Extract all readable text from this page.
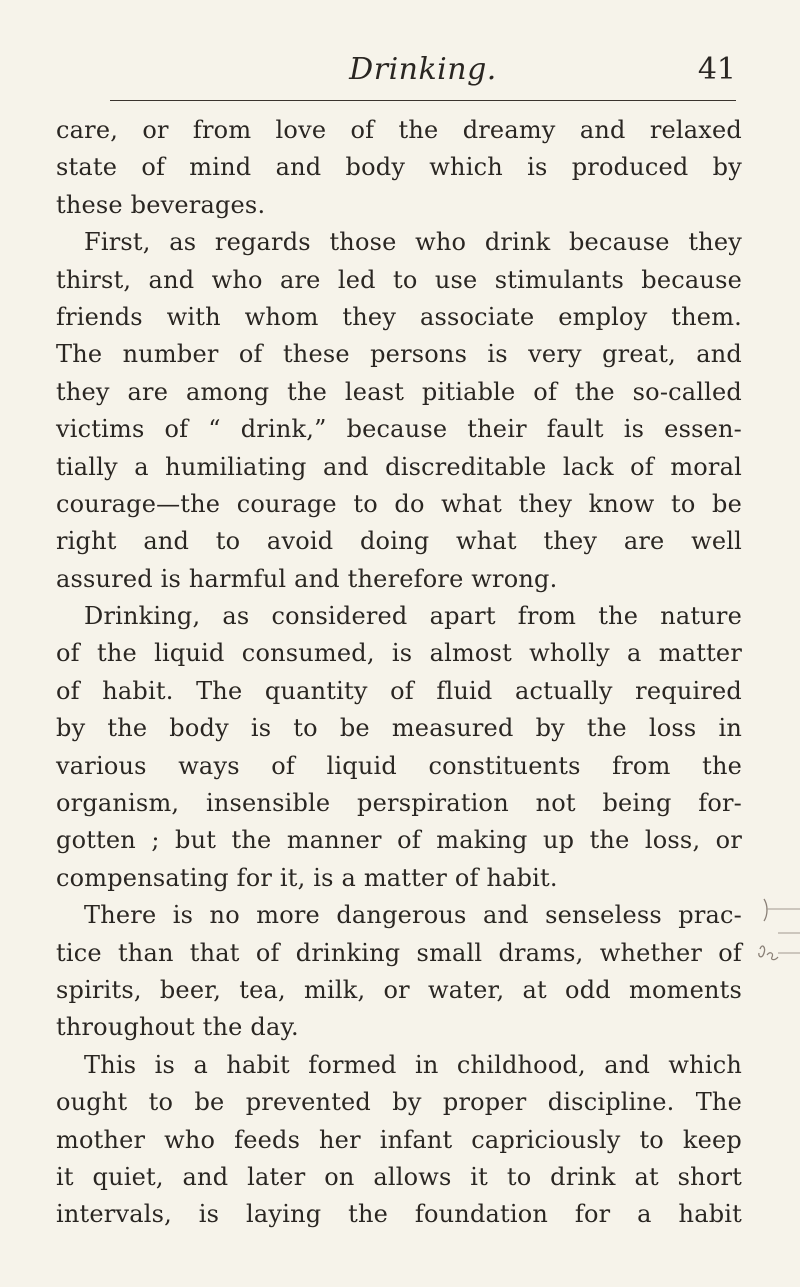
Drinking.	41
care, or from love of the dreamy and relaxed
state of mind and body which is produced by
these beverages.
First, as regards those who drink because they
thirst, and who are led to use stimulants because
friends with whom they associate employ them.
The number of these persons is very great, and
they are among the least pitiable of the so-called
victims of “ drink,” because their fault is essen-
tially a humiliating and discreditable lack of moral
courage—the courage to do what they know to be
right and to avoid doing what they are well
assured is harmful and therefore wrong.
Drinking, as considered apart from the nature
of the liquid consumed, is almost wholly a matter
of habit. The quantity of fluid actually required
by the body is to be measured by the loss in
various ways of liquid constituents from the
organism, insensible perspiration not being for-
gotten ; but the manner of making up the loss, or
compensating for it, is a matter of habit.
There is no more dangerous and senseless prac-
tice than that of drinking small drams, whether of
spirits, beer, tea, milk, or water, at odd moments
throughout the day.
This is a habit formed in childhood, and which
ought to be prevented by proper discipline. The
mother who feeds her infant capriciously to keep
it quiet, and later on allows it to drink at short
intervals, is laying the foundation for a habit
